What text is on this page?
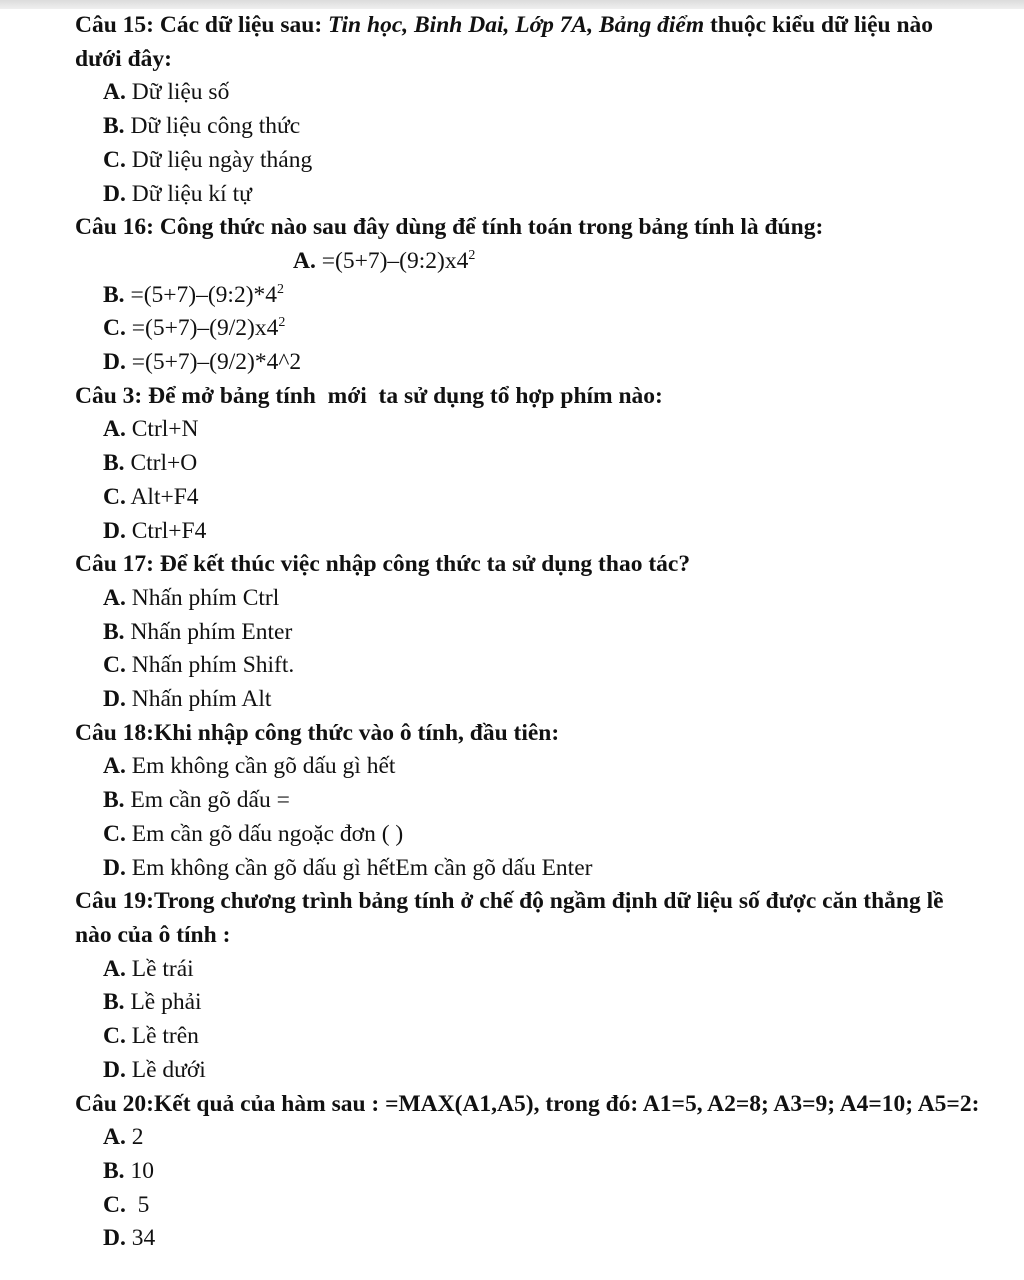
Câu 15: Các dữ liệu sau: Tin học, Binh Dai, Lớp 7A, Bảng điểm thuộc kiểu dữ liệu nào dưới đây:

A. Dữ liệu số

B. Dữ liệu công thức

C. Dữ liệu ngày tháng

D. Dữ liệu kí tự

Câu 16: Công thức nào sau đây dùng để tính toán trong bảng tính là đúng:A. $=(5+7)-(9:2)x4^2$

B. $=(5+7)-(9:2)*4^2$

C. $=(5+7)-(9/2)x4^2$

D. =(5+7)–(9/2)*4^2

Câu 3: Để mở bảng tính  mới  ta sử dụng tổ hợp phím nào:

A. Ctrl+N

B. Ctrl+O

C. Alt+F4

D. Ctrl+F4

Câu 17: Để kết thúc việc nhập công thức ta sử dụng thao tác?

A. Nhấn phím Ctrl

B. Nhấn phím Enter

C. Nhấn phím Shift.

D. Nhấn phím Alt

Câu 18:Khi nhập công thức vào ô tính, đầu tiên:

A. Em không cần gõ dấu gì hết

B. Em cần gõ dấu =

C. Em cần gõ dấu ngoặc đơn ( )

D. Em không cần gõ dấu gì hếtEm cần gõ dấu Enter

Câu 19:Trong chương trình bảng tính ở chế độ ngầm định dữ liệu số được căn thẳng lề nào của ô tính :

A. Lề trái

B. Lề phải

C. Lề trên

D. Lề dưới

Câu 20:Kết quả của hàm sau : =MAX(A1,A5), trong đó: A1=5, A2=8; A3=9; A4=10; A5=2:

A. 2

B. 10

C.  5

D. 34
